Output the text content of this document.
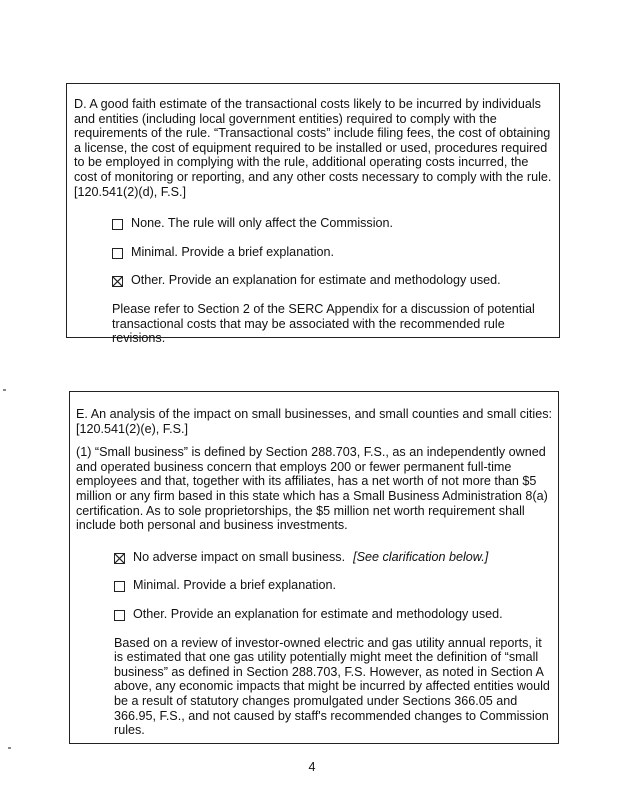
D. A good faith estimate of the transactional costs likely to be incurred by individuals and entities (including local government entities) required to comply with the requirements of the rule. “Transactional costs” include filing fees, the cost of obtaining a license, the cost of equipment required to be installed or used, procedures required to be employed in complying with the rule, additional operating costs incurred, the cost of monitoring or reporting, and any other costs necessary to comply with the rule. [120.541(2)(d), F.S.]

None. The rule will only affect the Commission.
Minimal. Provide a brief explanation.
Other. Provide an explanation for estimate and methodology used.

Please refer to Section 2 of the SERC Appendix for a discussion of potential transactional costs that may be associated with the recommended rule revisions.

E. An analysis of the impact on small businesses, and small counties and small cities: [120.541(2)(e), F.S.]

(1) “Small business” is defined by Section 288.703, F.S., as an independently owned and operated business concern that employs 200 or fewer permanent full-time employees and that, together with its affiliates, has a net worth of not more than $5 million or any firm based in this state which has a Small Business Administration 8(a) certification. As to sole proprietorships, the $5 million net worth requirement shall include both personal and business investments.

No adverse impact on small business. [See clarification below.]
Minimal. Provide a brief explanation.
Other. Provide an explanation for estimate and methodology used.

Based on a review of investor-owned electric and gas utility annual reports, it is estimated that one gas utility potentially might meet the definition of “small business” as defined in Section 288.703, F.S. However, as noted in Section A above, any economic impacts that might be incurred by affected entities would be a result of statutory changes promulgated under Sections 366.05 and 366.95, F.S., and not caused by staff's recommended changes to Commission rules.

4
